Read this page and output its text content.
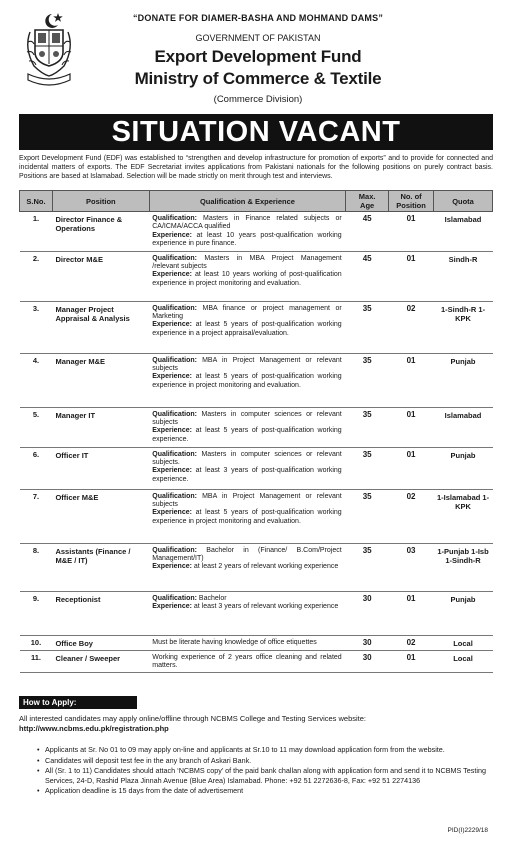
“DONATE FOR DIAMER-BASHA AND MOHMAND DAMS”
GOVERNMENT OF PAKISTAN
Export Development Fund
Ministry of Commerce & Textile
(Commerce Division)
SITUATION VACANT
Export Development Fund (EDF) was established to “strengthen and develop infrastructure for promotion of exports” and to provide for connected and incidental matters of exports. The EDF Secretariat invites applications from Pakistani nationals for the following positions on purely contract basis. Positions are based at Islamabad. Selection will be made strictly on merit through test and interviews.
S.No.	Position	Qualification & Experience	Max.
Age	No. of
Position	Quota
1.	Director Finance & Operations	Qualification: Masters in Finance related subjects or CA/ICMA/ACCA qualified
Experience: at least 10 years post-qualification working experience in pure finance.	45	01	Islamabad
2.	Director M&E	Qualification: Masters in MBA Project Management /relevant subjects
Experience: at least 10 years working of post-qualification experience in project monitoring and evaluation.	45	01	Sindh-R
3.	Manager Project Appraisal & Analysis	Qualification: MBA finance or project management or Marketing
Experience: at least 5 years of post-qualification working experience in a project appraisal/evaluation.	35	02	1-Sindh-R 1-KPK
4.	Manager M&E	Qualification: MBA in Project Management or relevant subjects
Experience: at least 5 years of post-qualification working experience in project monitoring and evaluation.	35	01	Punjab
5.	Manager IT	Qualification: Masters in computer sciences or relevant subjects
Experience: at least 5 years of post-qualification working experience.	35	01	Islamabad
6.	Officer IT	Qualification: Masters in computer sciences or relevant subjects.
Experience: at least 3 years of post-qualification working experience.	35	01	Punjab
7.	Officer M&E	Qualification: MBA in Project Management or relevant subjects
Experience: at least 5 years of post-qualification working experience in project monitoring and evaluation.	35	02	1-Islamabad 1-KPK
8.	Assistants (Finance / M&E / IT)	Qualification: Bachelor in (Finance/ B.Com/Project Management/IT)
Experience: at least 2 years of relevant working experience	35	03	1-Punjab 1-Isb 1-Sindh-R
9.	Receptionist	Qualification: Bachelor
Experience: at least 3 years of relevant working experience	30	01	Punjab
10.	Office Boy	Must be literate having knowledge of office etiquettes	30	02	Local
11.	Cleaner / Sweeper	Working experience of 2 years office cleaning and related matters.	30	01	Local
How to Apply:
All interested candidates may apply online/offline through NCBMS College and Testing Services website:
http://www.ncbms.edu.pk/registration.php
• Applicants at Sr. No 01 to 09 may apply on-line and applicants at Sr.10 to 11 may download application form from the website.
• Candidates will deposit test fee in the any branch of Askari Bank.
• All (Sr. 1 to 11) Candidates should attach ‘NCBMS copy’ of the paid bank challan along with application form and send it to NCBMS Testing Services, 24-D, Rashid Plaza Jinnah Avenue (Blue Area) Islamabad. Phone: +92 51 2272636-8, Fax: +92 51 2274136
• Application deadline is 15 days from the date of advertisement
PID(I)2229/18
